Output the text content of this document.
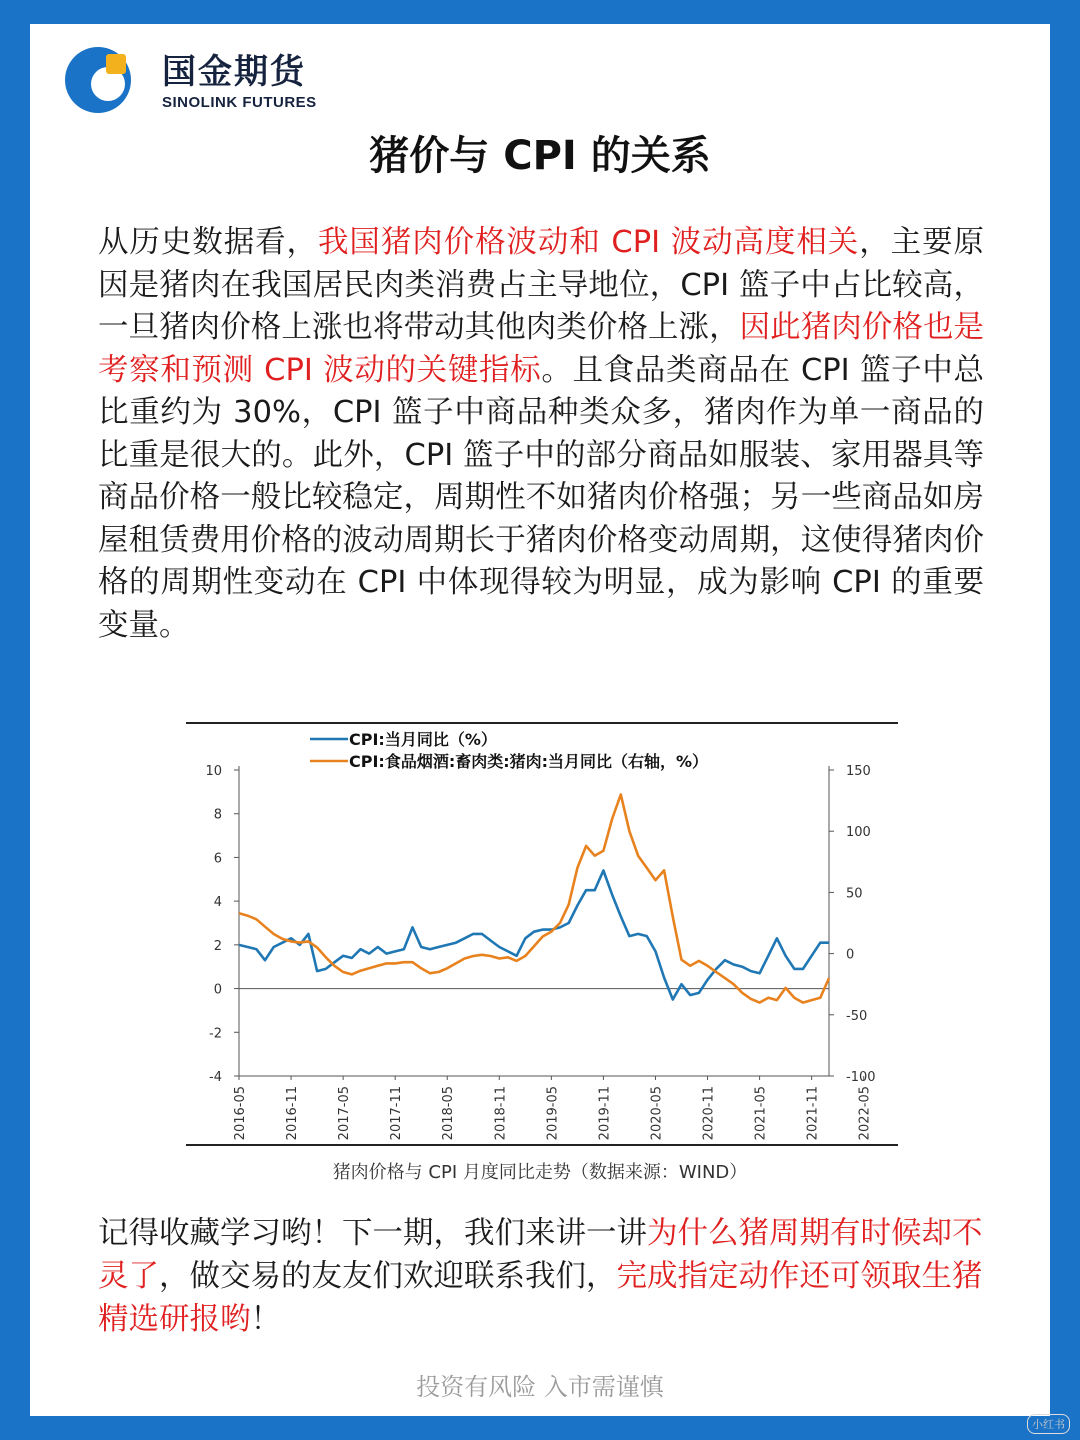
国金期货
SINOLINK FUTURES
猪价与 CPI 的关系
从历史数据看，我国猪肉价格波动和 CPI 波动高度相关，主要原因是猪肉在我国居民肉类消费占主导地位，CPI 篮子中占比较高，一旦猪肉价格上涨也将带动其他肉类价格上涨，因此猪肉价格也是考察和预测 CPI 波动的关键指标。且食品类商品在 CPI 篮子中总比重约为 30%，CPI 篮子中商品种类众多，猪肉作为单一商品的比重是很大的。此外，CPI 篮子中的部分商品如服装、家用器具等商品价格一般比较稳定，周期性不如猪肉价格强；另一些商品如房屋租赁费用价格的波动周期长于猪肉价格变动周期，这使得猪肉价格的周期性变动在 CPI 中体现得较为明显，成为影响 CPI 的重要变量。
-4
-2
0
2
4
6
8
10
-100
-50
0
50
100
150
2016-05	2016-11	2017-05	2017-11	2018-05	2018-11	2019-05	2019-11	2020-05	2020-11	2021-05	2021-11	2022-05
CPI:当月同比（%）
CPI:食品烟酒:畜肉类:猪肉:当月同比（右轴，%）
猪肉价格与 CPI 月度同比走势（数据来源：WIND）
记得收藏学习哟！下一期，我们来讲一讲为什么猪周期有时候却不灵了，做交易的友友们欢迎联系我们，完成指定动作还可领取生猪精选研报哟！
投资有风险 入市需谨慎
小红书
